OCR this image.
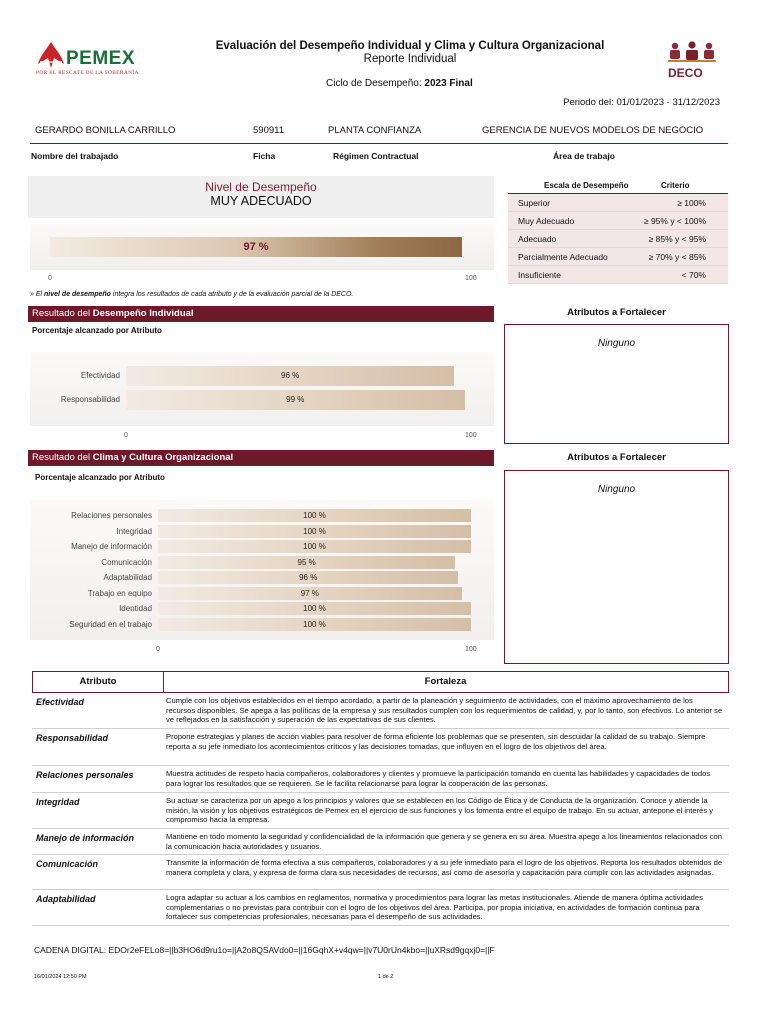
PEMEX
POR EL RESCATE DE LA SOBERANÍA
Evaluación del Desempeño Individual y Clima y Cultura Organizacional
Reporte Individual
Ciclo de Desempeño: 2023 Final
DECO
Periodo del: 01/01/2023 - 31/12/2023
GERARDO BONILLA CARRILLO	590911	PLANTA CONFIANZA	GERENCIA DE NUEVOS MODELOS DE NEGOCIO
Nombre del trabajado	Ficha	Régimen Contractual	Área de trabajo
Nivel de Desempeño
MUY ADECUADO
97 %
0	100
» El nivel de desempeño integra los resultados de cada atributo y de la evaluación parcial de la DECO.
Escala de Desempeño	Criterio
Superior	≥ 100%
Muy Adecuado	≥ 95% y < 100%
Adecuado	≥ 85% y < 95%
Parcialmente Adecuado	≥ 70% y < 85%
Insuficiente	< 70%
Resultado del Desempeño Individual
Porcentaje alcanzado por Atributo
Efectividad	96 %
Responsabilidad	99 %
0	100
Atributos a Fortalecer
Ninguno
Resultado del Clima y Cultura Organizacional
Porcentaje alcanzado por Atributo
Relaciones personales	100 %
Integridad	100 %
Manejo de información	100 %
Comunicación	95 %
Adaptabilidad	96 %
Trabajo en equipo	97 %
Identidad	100 %
Seguridad en el trabajo	100 %
0	100
Atributos a Fortalecer
Ninguno
Atributo	Fortaleza
Efectividad	Cumple con los objetivos establecidos en el tiempo acordado, a partir de la planeación y seguimiento de actividades, con el máximo aprovechamiento de los recursos disponibles. Se apega a las políticas de la empresa y sus resultados cumplen con los requerimientos de calidad, y, por lo tanto, son efectivos. Lo anterior se ve reflejados en la satisfacción y superación de las expectativas de sus clientes.
Responsabilidad	Propone estrategias y planes de acción viables para resolver de forma eficiente los problemas que se presenten, sin descuidar la calidad de su trabajo. Siempre reporta a su jefe inmediato los acontecimientos críticos y las decisiones tomadas, que influyen en el logro de los objetivos del área.
Relaciones personales	Muestra actitudes de respeto hacia compañeros, colaboradores y clientes y promueve la participación tomando en cuenta las habilidades y capacidades de todos para lograr los resultados que se requieren. Se le facilita relacionarse para lograr la cooperación de las personas.
Integridad	Su actuar se caracteriza por un apego a los principios y valores que se establecen en los Código de Ética y de Conducta de la organización. Conoce y atiende la misión, la visión y los objetivos estratégicos de Pemex en el ejercicio de sus funciones y los fomenta entre el equipo de trabajo. En su actuar, antepone el interés y compromiso hacia la empresa.
Manejo de información	Mantiene en todo momento la seguridad y confidencialidad de la información que genera y se genera en su área. Muestra apego a los lineamientos relacionados con la comunicación hacia autoridades y usuarios.
Comunicación	Transmite la información de forma efectiva a sus compañeros, colaboradores y a su jefe inmediato para el logro de los objetivos. Reporta los resultados obtenidos de manera completa y clara, y expresa de forma clara sus necesidades de recursos, así como de asesoría y capacitación para cumplir con las actividades asignadas.
Adaptabilidad	Logra adaptar su actuar a los cambios en reglamentos, normativa y procedimientos para lograr las metas institucionales. Atiende de manera óptima actividades complementarias o no previstas para contribuir con el logro de los objetivos del área. Participa, por propia iniciativa, en actividades de formación continua para fortalecer sus competencias profesionales, necesarias para el desempeño de sus actividades.
CADENA DIGITAL: EDOr2eFELo8=||b3HO6d9ru1o=||A2o8QSAVdo0=||16GqhX+v4qw=||v7U0rUn4kbo=||uXRsd9gqxj0=||F
16/01/2024 12:50 PM	1 de 2
